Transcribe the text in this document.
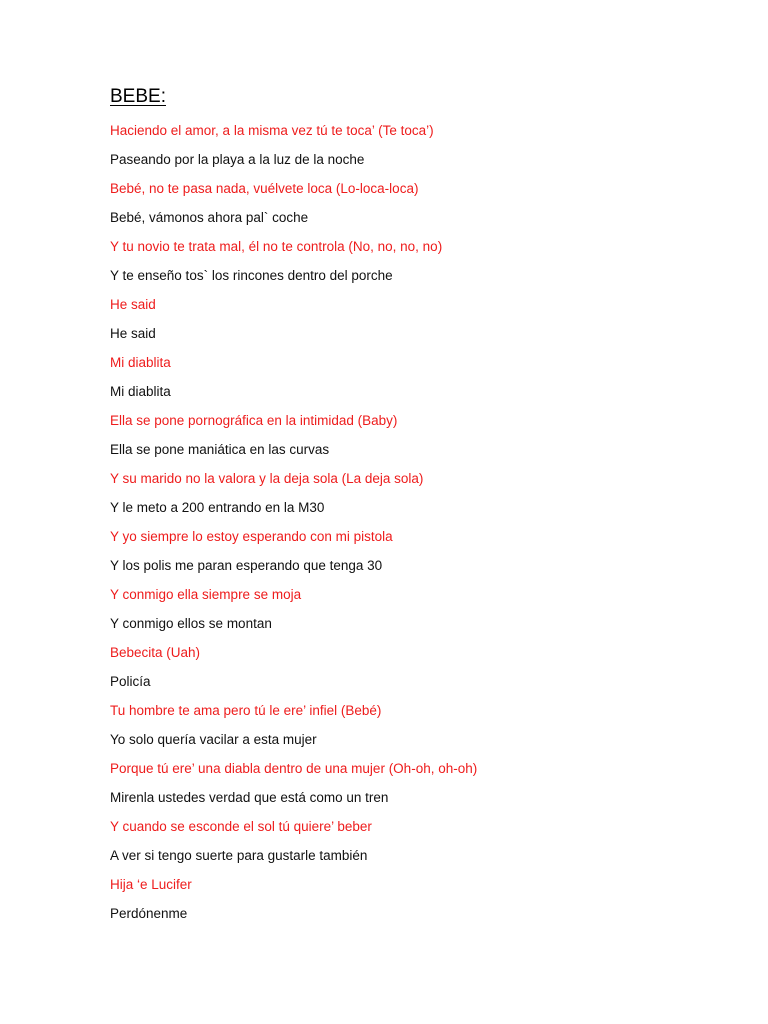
BEBE:
Haciendo el amor, a la misma vez tú te toca’ (Te toca’)
Paseando por la playa a la luz de la noche
Bebé, no te pasa nada, vuélvete loca (Lo-loca-loca)
Bebé, vámonos ahora pal` coche
Y tu novio te trata mal, él no te controla (No, no, no, no)
Y te enseño tos` los rincones dentro del porche
He said
He said
Mi diablita
Mi diablita
Ella se pone pornográfica en la intimidad (Baby)
Ella se pone maniática en las curvas
Y su marido no la valora y la deja sola (La deja sola)
Y le meto a 200 entrando en la M30
Y yo siempre lo estoy esperando con mi pistola
Y los polis me paran esperando que tenga 30
Y conmigo ella siempre se moja
Y conmigo ellos se montan
Bebecita (Uah)
Policía
Tu hombre te ama pero tú le ere’ infiel (Bebé)
Yo solo quería vacilar a esta mujer
Porque tú ere’ una diabla dentro de una mujer (Oh-oh, oh-oh)
Mirenla ustedes verdad que está como un tren
Y cuando se esconde el sol tú quiere’ beber
A ver si tengo suerte para gustarle también
Hija ‘e Lucifer
Perdónenme
